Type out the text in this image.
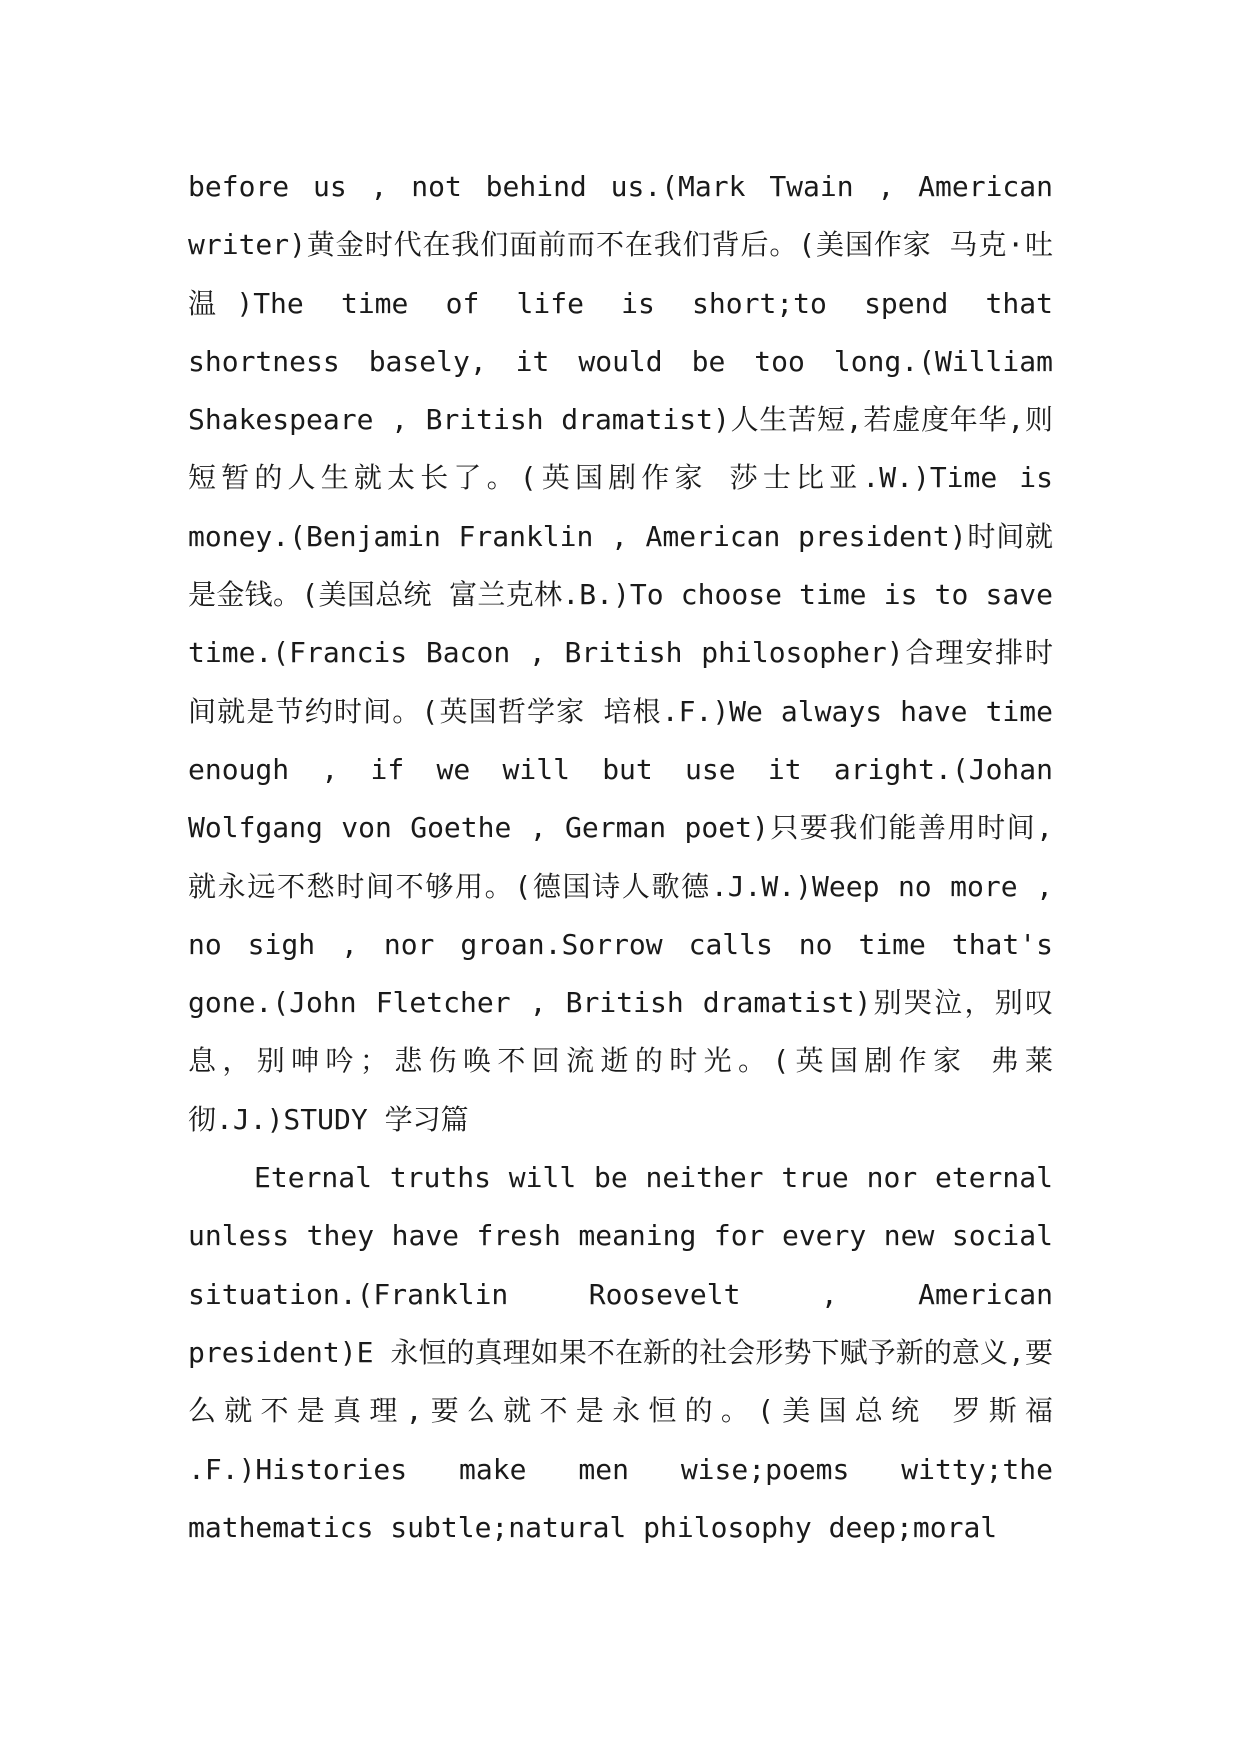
before us , not behind us.(Mark Twain , American writer)黄金时代在我们面前而不在我们背后。(美国作家 马克·吐温)The time of life is short;to spend that shortness basely, it would be too long.(William Shakespeare , British dramatist)人生苦短,若虚度年华,则短暂的人生就太长了。(英国剧作家 莎士比亚.W.)Time is money.(Benjamin Franklin , American president)时间就是金钱。(美国总统 富兰克林.B.)To choose time is to save time.(Francis Bacon , British philosopher)合理安排时间就是节约时间。(英国哲学家 培根.F.)We always have time enough , if we will but use it aright.(Johan Wolfgang von Goethe , German poet)只要我们能善用时间,就永远不愁时间不够用。(德国诗人歌德.J.W.)Weep no more , no sigh , nor groan.Sorrow calls no time that's gone.(John Fletcher , British dramatist)别哭泣，别叹息，别呻吟；悲伤唤不回流逝的时光。(英国剧作家 弗莱彻.J.)STUDY 学习篇

Eternal truths will be neither true nor eternal unless they have fresh meaning for every new social situation.(Franklin Roosevelt , American president)E 永恒的真理如果不在新的社会形势下赋予新的意义,要么就不是真理,要么就不是永恒的。(美国总统 罗斯福 .F.)Histories make men wise;poems witty;the mathematics subtle;natural philosophy deep;moral
